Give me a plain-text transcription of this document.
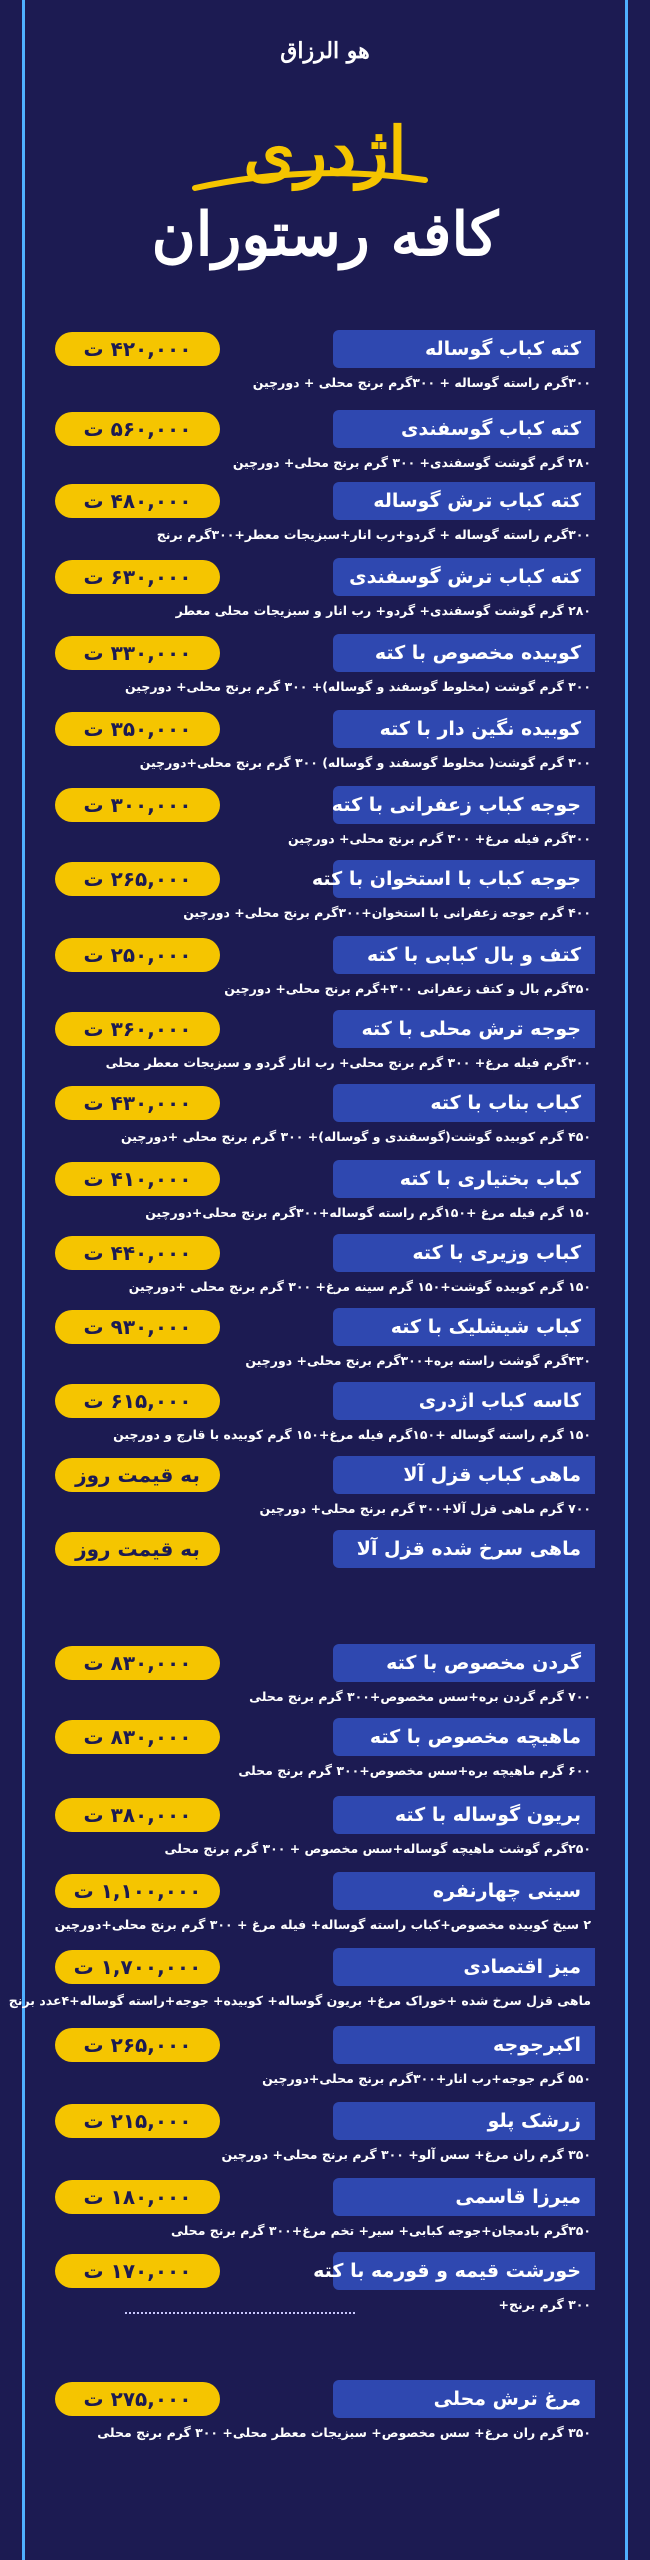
هو الرزاق
اژدری
کافه رستوران
کته کباب گوساله
۴۲۰,۰۰۰ ت
۳۰۰گرم راسته گوساله + ۳۰۰گرم برنج محلی + دورچین
کته کباب گوسفندی
۵۶۰,۰۰۰ ت
۲۸۰ گرم گوشت گوسفندی+ ۳۰۰ گرم برنج محلی+ دورچین
کته کباب ترش گوساله
۴۸۰,۰۰۰ ت
۳۰۰گرم راسته گوساله + گردو+رب انار+سبزیجات معطر+۳۰۰گرم برنج
کته کباب ترش گوسفندی
۶۳۰,۰۰۰ ت
۲۸۰ گرم گوشت گوسفندی+ گردو+ رب انار و سبزیجات محلی معطر
کوبیده مخصوص با کته
۳۳۰,۰۰۰ ت
۳۰۰ گرم گوشت (مخلوط گوسفند و گوساله)+ ۳۰۰ گرم برنج محلی+ دورچین
کوبیده نگین دار با کته
۳۵۰,۰۰۰ ت
۳۰۰ گرم گوشت( مخلوط گوسفند و گوساله) ۳۰۰ گرم برنج محلی+دورچین
جوجه کباب زعفرانی با کته
۳۰۰,۰۰۰ ت
۳۰۰گرم فیله مرغ+ ۳۰۰ گرم برنج محلی+ دورچین
جوجه کباب با استخوان با کته
۲۶۵,۰۰۰ ت
۴۰۰ گرم جوجه زعفرانی با استخوان+۳۰۰گرم برنج محلی+ دورچین
کتف و بال کبابی با کته
۲۵۰,۰۰۰ ت
۳۵۰گرم بال و کتف زعفرانی ۳۰۰+گرم برنج محلی+ دورچین
جوجه ترش محلی با کته
۳۶۰,۰۰۰ ت
۳۰۰گرم فیله مرغ+ ۳۰۰ گرم برنج محلی+ رب انار گردو و سبزیجات معطر محلی
کباب بناب با کته
۴۳۰,۰۰۰ ت
۴۵۰ گرم کوبیده گوشت(گوسفندی و گوساله)+ ۳۰۰ گرم برنج محلی +دورچین
کباب بختیاری با کته
۴۱۰,۰۰۰ ت
۱۵۰ گرم فیله مرغ +۱۵۰گرم راسته گوساله+۳۰۰گرم برنج محلی+دورچین
کباب وزیری با کته
۴۴۰,۰۰۰ ت
۱۵۰ گرم کوبیده گوشت+۱۵۰ گرم سینه مرغ+ ۳۰۰ گرم برنج محلی +دورچین
کباب شیشلیک با کته
۹۳۰,۰۰۰ ت
۴۳۰گرم گوشت راسته بره+۳۰۰گرم برنج محلی+ دورچین
کاسه کباب اژدری
۶۱۵,۰۰۰ ت
۱۵۰ گرم راسته گوساله +۱۵۰گرم فیله مرغ+۱۵۰ گرم کوبیده با قارچ و دورچین
ماهی کباب قزل آلا
به قیمت روز
۷۰۰ گرم ماهی قزل آلا+۳۰۰ گرم برنج محلی+ دورچین
ماهی سرخ شده قزل آلا
به قیمت روز
گردن مخصوص با کته
۸۳۰,۰۰۰ ت
۷۰۰ گرم گردن بره+سس مخصوص+۳۰۰ گرم برنج محلی
ماهیچه مخصوص با کته
۸۳۰,۰۰۰ ت
۶۰۰ گرم ماهیچه بره+سس مخصوص+۳۰۰ گرم برنج محلی
بریون گوساله با کته
۳۸۰,۰۰۰ ت
۲۵۰گرم گوشت ماهیچه گوساله+سس مخصوص + ۳۰۰ گرم برنج محلی
سینی چهارنفره
۱,۱۰۰,۰۰۰ ت
۲ سیخ کوبیده مخصوص+کباب راسته گوساله+ فیله مرغ + ۳۰۰ گرم برنج محلی+دورچین
میز اقتصادی
۱,۷۰۰,۰۰۰ ت
ماهی قزل سرخ شده +خوراک مرغ+ بریون گوساله+ کوبیده+ جوجه+راسته گوساله+۴عدد برنج
اکبرجوجه
۲۶۵,۰۰۰ ت
۵۵۰ گرم جوجه+رب انار+۳۰۰گرم برنج محلی+دورچین
زرشک پلو
۲۱۵,۰۰۰ ت
۳۵۰ گرم ران مرغ+ سس آلو+ ۳۰۰ گرم برنج محلی+ دورچین
میرزا قاسمی
۱۸۰,۰۰۰ ت
۳۵۰گرم بادمجان+جوجه کبابی+ سیر+ تخم مرغ+۳۰۰ گرم برنج محلی
خورشت قیمه و قورمه با کته
۱۷۰,۰۰۰ ت
۳۰۰ گرم برنج+
مرغ ترش محلی
۲۷۵,۰۰۰ ت
۳۵۰ گرم ران مرغ+ سس مخصوص+ سبزیجات معطر محلی+ ۳۰۰ گرم برنج محلی
